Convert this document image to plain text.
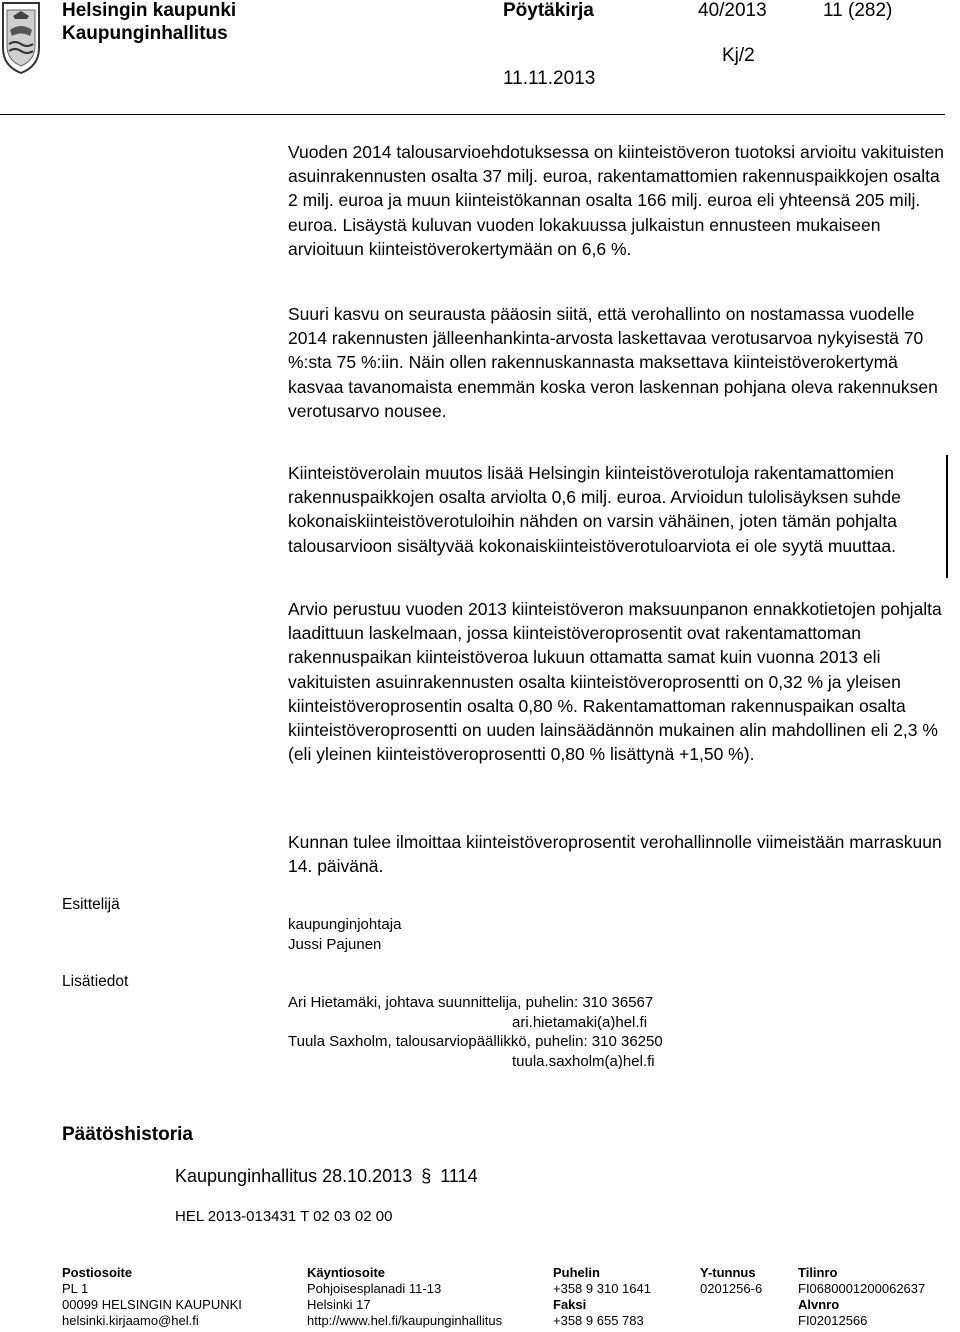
Helsingin kaupunki
Kaupunginhallitus
Pöytäkirja	40/2013	11 (282)
Kj/2
11.11.2013

Vuoden 2014 talousarvioehdotuksessa on kiinteistöveron tuotoksi arvioitu vakituisten asuinrakennusten osalta 37 milj. euroa, rakentamattomien rakennuspaikkojen osalta 2 milj. euroa ja muun kiinteistökannan osalta 166 milj. euroa eli yhteensä 205 milj. euroa. Lisäystä kuluvan vuoden lokakuussa julkaistun ennusteen mukaiseen arvioituun kiinteistöverokertymään on 6,6 %.

Suuri kasvu on seurausta pääosin siitä, että verohallinto on nostamassa vuodelle 2014 rakennusten jälleenhankinta-arvosta laskettavaa verotusarvoa nykyisestä 70 %:sta 75 %:iin. Näin ollen rakennuskannasta maksettava kiinteistöverokertymä kasvaa tavanomaista enemmän koska veron laskennan pohjana oleva rakennuksen verotusarvo nousee.

Kiinteistöverolain muutos lisää Helsingin kiinteistöverotuloja rakentamattomien rakennuspaikkojen osalta arviolta 0,6 milj. euroa. Arvioidun tulolisäyksen suhde kokonaiskiinteistöverotuloihin nähden on varsin vähäinen, joten tämän pohjalta talousarvioon sisältyvää kokonaiskiinteistöverotuloarviota ei ole syytä muuttaa.

Arvio perustuu vuoden 2013 kiinteistöveron maksuunpanon ennakkotietojen pohjalta laadittuun laskelmaan, jossa kiinteistöveroprosentit ovat rakentamattoman rakennuspaikan kiinteistöveroa lukuun ottamatta samat kuin vuonna 2013 eli vakituisten asuinrakennusten osalta kiinteistöveroprosentti on 0,32 % ja yleisen kiinteistöveroprosentin osalta 0,80 %. Rakentamattoman rakennuspaikan osalta kiinteistöveroprosentti on uuden lainsäädännön mukainen alin mahdollinen eli 2,3 % (eli yleinen kiinteistöveroprosentti 0,80 % lisättynä +1,50 %).

Kunnan tulee ilmoittaa kiinteistöveroprosentit verohallinnolle viimeistään marraskuun 14. päivänä.

Esittelijä
kaupunginjohtaja
Jussi Pajunen
Lisätiedot
Ari Hietamäki, johtava suunnittelija, puhelin: 310 36567
ari.hietamaki(a)hel.fi
Tuula Saxholm, talousarviopäällikkö, puhelin: 310 36250
tuula.saxholm(a)hel.fi
Päätöshistoria
Kaupunginhallitus 28.10.2013 § 1114
HEL 2013-013431 T 02 03 02 00
Postiosoite
PL 1
00099 HELSINGIN KAUPUNKI
helsinki.kirjaamo@hel.fi
Käyntiosoite
Pohjoisesplanadi 11-13
Helsinki 17
http://www.hel.fi/kaupunginhallitus
Puhelin
+358 9 310 1641
Faksi
+358 9 655 783
Y-tunnus
0201256-6
Tilinro
FI0680001200062637
Alvnro
FI02012566
